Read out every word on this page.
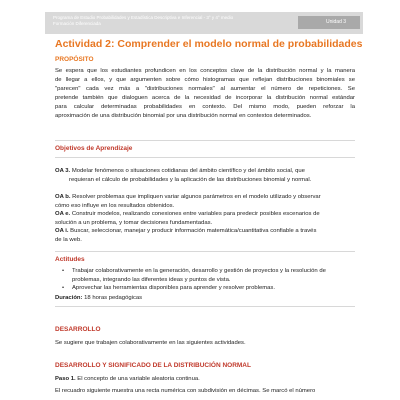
Programa de Estudio Probabilidades y Estadística Descriptiva e Inferencial - 3° y 4° medio
Formación Diferenciada	Unidad 3
Actividad 2: Comprender el modelo normal de probabilidades
PROPÓSITO
Se espera que los estudiantes profundicen en los conceptos clave de la distribución normal y la manera
de llegar a ellos, y que argumenten sobre cómo histogramas que reflejan distribuciones binomiales se
"parecen" cada vez más a "distribuciones normales" al aumentar el número de repeticiones. Se
pretende también que dialoguen acerca de la necesidad de incorporar la distribución normal estándar
para calcular determinadas probabilidades en contexto. Del mismo modo, pueden reforzar la
aproximación de una distribución binomial por una distribución normal en contextos determinados.
Objetivos de Aprendizaje
OA 3. Modelar fenómenos o situaciones cotidianas del ámbito científico y del ámbito social, que
requieran el cálculo de probabilidades y la aplicación de las distribuciones binomial y normal.
OA b. Resolver problemas que impliquen variar algunos parámetros en el modelo utilizado y observar
cómo eso influye en los resultados obtenidos.
OA e. Construir modelos, realizando conexiones entre variables para predecir posibles escenarios de
solución a un problema, y tomar decisiones fundamentadas.
OA i. Buscar, seleccionar, manejar y producir información matemática/cuantitativa confiable a través
de la web.
Actitudes
• Trabajar colaborativamente en la generación, desarrollo y gestión de proyectos y la resolución de
problemas, integrando las diferentes ideas y puntos de vista.
• Aprovechar las herramientas disponibles para aprender y resolver problemas.
Duración: 18 horas pedagógicas
DESARROLLO
Se sugiere que trabajen colaborativamente en las siguientes actividades.
DESARROLLO Y SIGNIFICADO DE LA DISTRIBUCIÓN NORMAL
Paso 1. El concepto de una variable aleatoria continua.
El recuadro siguiente muestra una recta numérica con subdivisión en décimas. Se marcó el número
